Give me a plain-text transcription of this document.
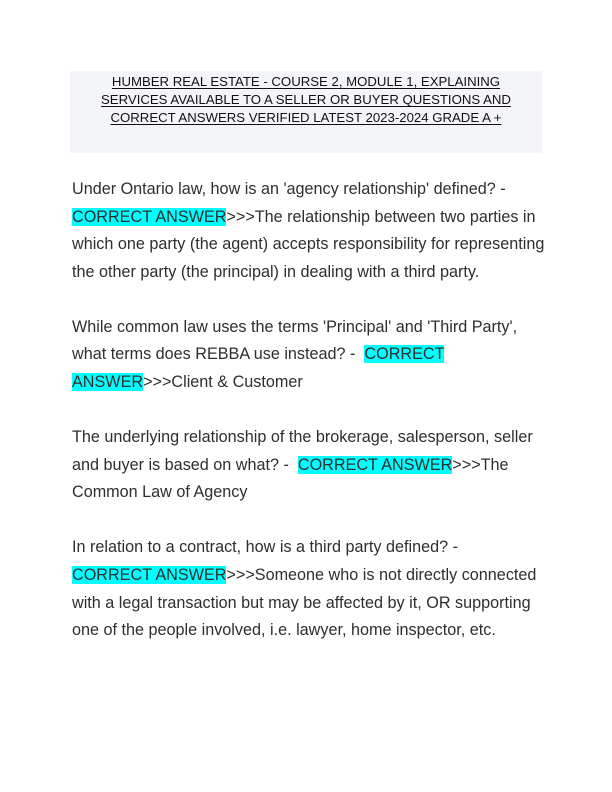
HUMBER REAL ESTATE - COURSE 2, MODULE 1, EXPLAINING
SERVICES AVAILABLE TO A SELLER OR BUYER QUESTIONS AND
CORRECT ANSWERS VERIFIED LATEST 2023-2024 GRADE A +
Under Ontario law, how is an 'agency relationship' defined? -
CORRECT ANSWER>>>The relationship between two parties in
which one party (the agent) accepts responsibility for representing
the other party (the principal) in dealing with a third party.
While common law uses the terms 'Principal' and 'Third Party',
what terms does REBBA use instead? -  CORRECT
ANSWER>>>Client & Customer
The underlying relationship of the brokerage, salesperson, seller
and buyer is based on what? -  CORRECT ANSWER>>>The
Common Law of Agency
In relation to a contract, how is a third party defined? -
CORRECT ANSWER>>>Someone who is not directly connected
with a legal transaction but may be affected by it, OR supporting
one of the people involved, i.e. lawyer, home inspector, etc.
